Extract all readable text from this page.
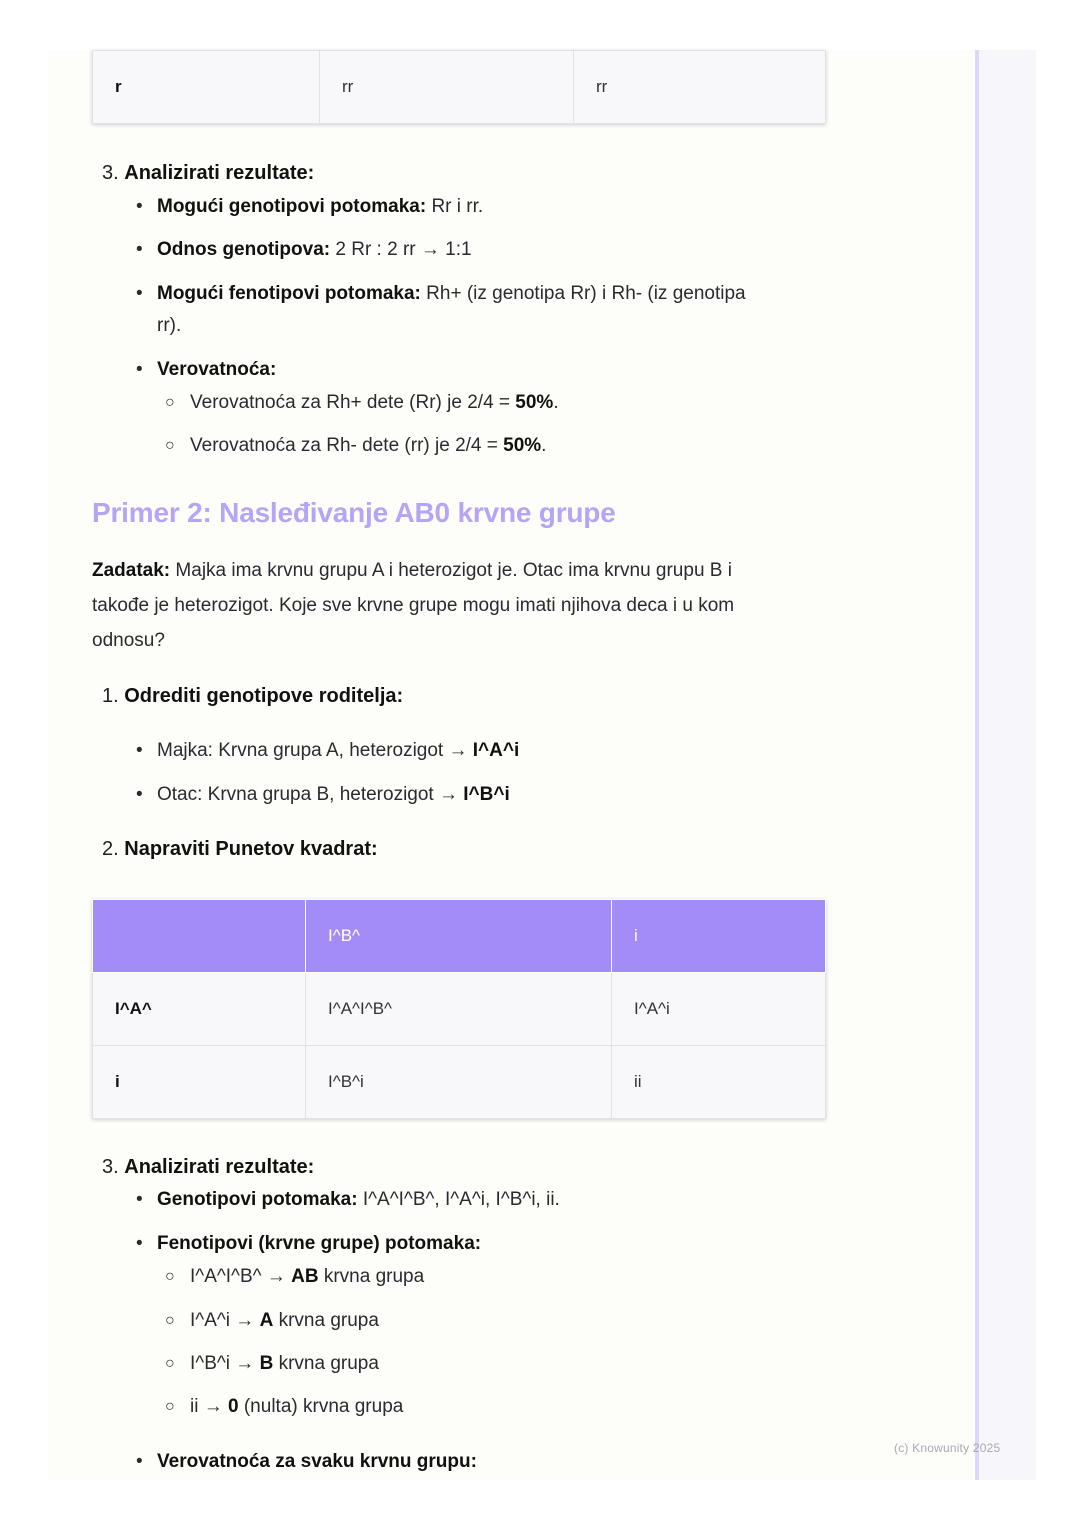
r	rr	rr
3. Analizirati rezultate:
• Mogući genotipovi potomaka: Rr i rr.
• Odnos genotipova: 2 Rr : 2 rr → 1:1
• Mogući fenotipovi potomaka: Rh+ (iz genotipa Rr) i Rh- (iz genotipa
rr).
• Verovatnoća:
○ Verovatnoća za Rh+ dete (Rr) je 2/4 = 50%.
○ Verovatnoća za Rh- dete (rr) je 2/4 = 50%.
Primer 2: Nasleđivanje AB0 krvne grupe
Zadatak: Majka ima krvnu grupu A i heterozigot je. Otac ima krvnu grupu B i
takođe je heterozigot. Koje sve krvne grupe mogu imati njihova deca i u kom
odnosu?
1. Odrediti genotipove roditelja:
• Majka: Krvna grupa A, heterozigot → I^A^i
• Otac: Krvna grupa B, heterozigot → I^B^i
2. Napraviti Punetov kvadrat:
	I^B^	i
I^A^	I^A^I^B^	I^A^i
i	I^B^i	ii
3. Analizirati rezultate:
• Genotipovi potomaka: I^A^I^B^, I^A^i, I^B^i, ii.
• Fenotipovi (krvne grupe) potomaka:
○ I^A^I^B^ → AB krvna grupa
○ I^A^i → A krvna grupa
○ I^B^i → B krvna grupa
○ ii → 0 (nulta) krvna grupa
• Verovatnoća za svaku krvnu grupu:
(c) Knowunity 2025
